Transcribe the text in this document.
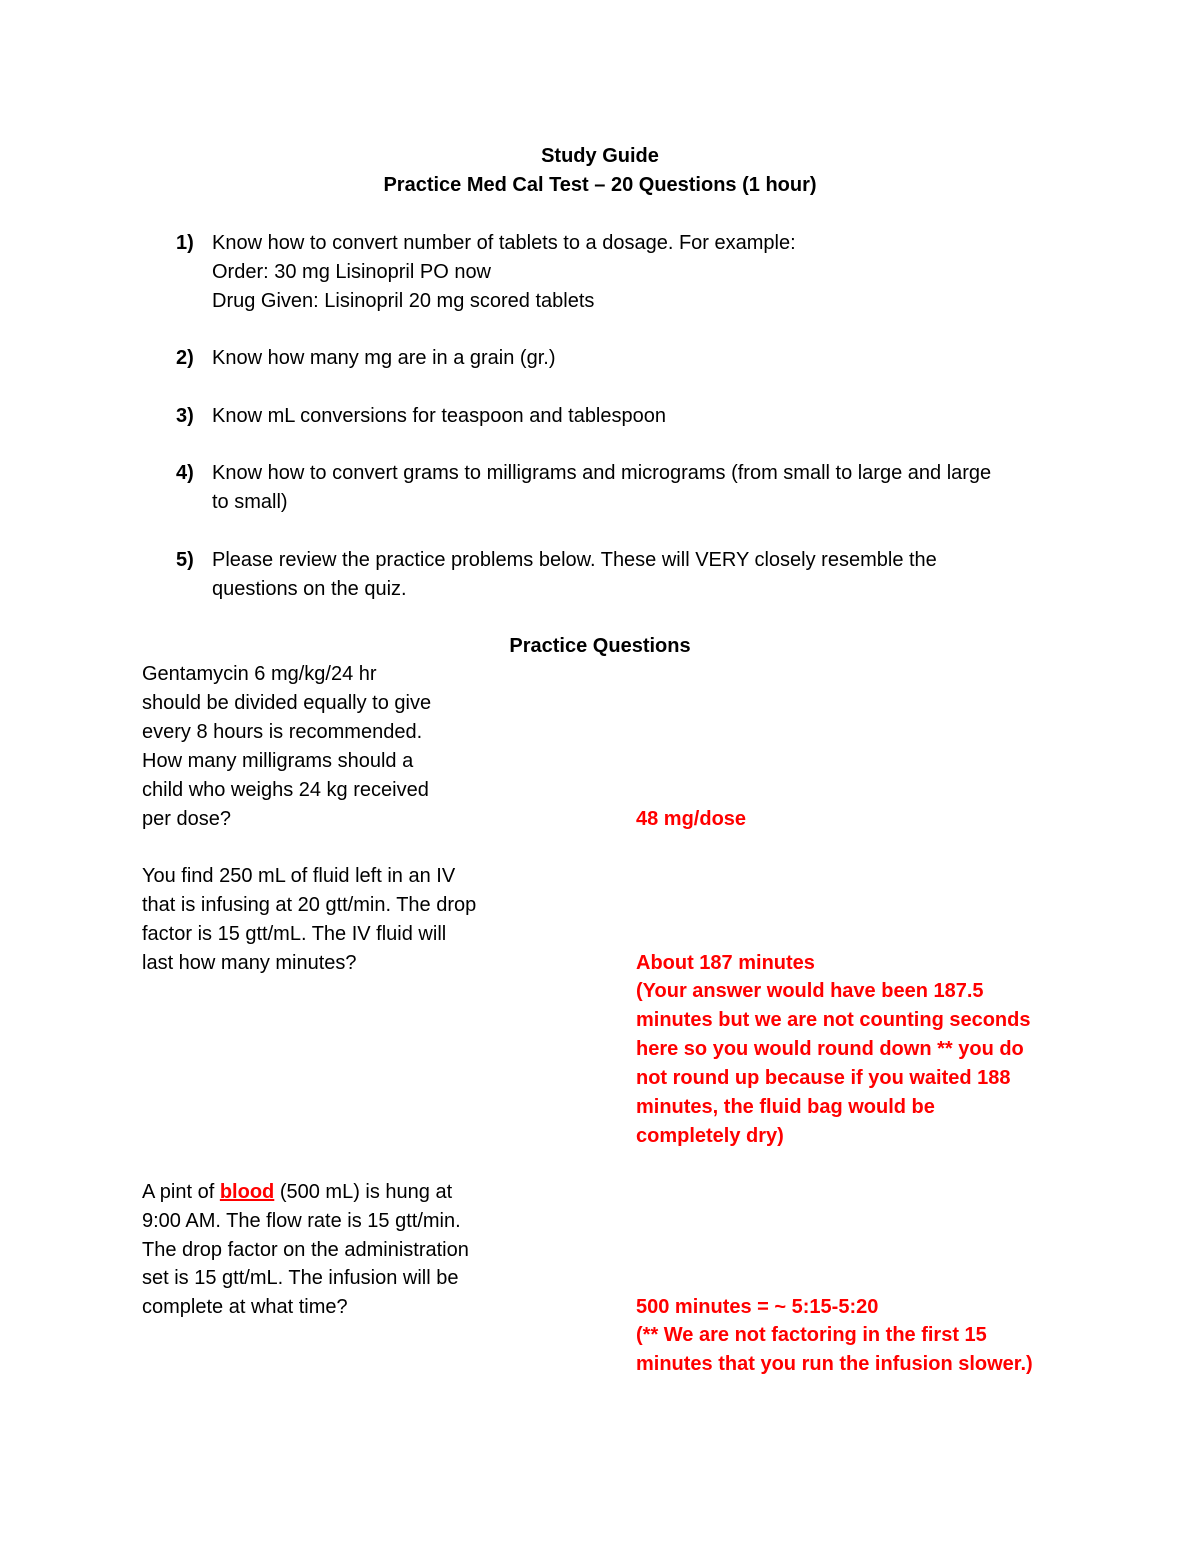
Study Guide

Practice Med Cal Test – 20 Questions (1 hour)

1) Know how to convert number of tablets to a dosage. For example:

Order: 30 mg Lisinopril PO now

Drug Given: Lisinopril 20 mg scored tablets

2) Know how many mg are in a grain (gr.)

3) Know mL conversions for teaspoon and tablespoon

4) Know how to convert grams to milligrams and micrograms (from small to large and large

to small)

5) Please review the practice problems below. These will VERY closely resemble the

questions on the quiz.

Practice Questions

Gentamycin 6 mg/kg/24 hr

should be divided equally to give

every 8 hours is recommended.

How many milligrams should a

child who weighs 24 kg received

per dose?	48 mg/dose

You find 250 mL of fluid left in an IV

that is infusing at 20 gtt/min. The drop

factor is 15 gtt/mL. The IV fluid will

last how many minutes?	About 187 minutes

(Your answer would have been 187.5

minutes but we are not counting seconds

here so you would round down ** you do

not round up because if you waited 188

minutes, the fluid bag would be

completely dry)

A pint of blood (500 mL) is hung at

9:00 AM. The flow rate is 15 gtt/min.

The drop factor on the administration

set is 15 gtt/mL. The infusion will be

complete at what time?	500 minutes = ~ 5:15-5:20

(** We are not factoring in the first 15

minutes that you run the infusion slower.)
